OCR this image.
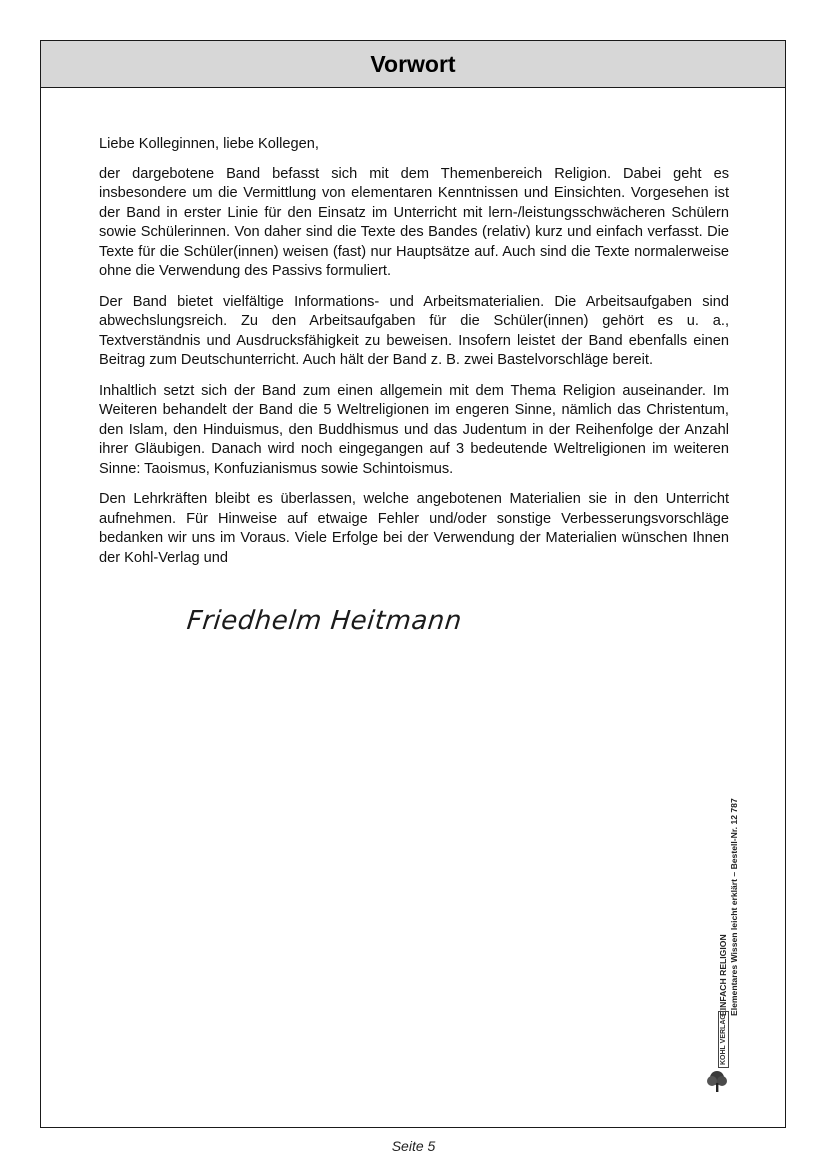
Vorwort

Liebe Kolleginnen, liebe Kollegen,

der dargebotene Band befasst sich mit dem Themenbereich Religion. Dabei geht es insbesondere um die Vermittlung von elementaren Kenntnissen und Einsichten. Vorgesehen ist der Band in erster Linie für den Einsatz im Unterricht mit lern-/leistungsschwächeren Schülern sowie Schülerinnen. Von daher sind die Texte des Bandes (relativ) kurz und einfach verfasst. Die Texte für die Schüler(innen) weisen (fast) nur Hauptsätze auf. Auch sind die Texte normalerweise ohne die Verwendung des Passivs formuliert.

Der Band bietet vielfältige Informations- und Arbeitsmaterialien. Die Arbeitsaufgaben sind abwechslungsreich. Zu den Arbeitsaufgaben für die Schüler(innen) gehört es u. a., Textverständnis und Ausdrucksfähigkeit zu beweisen. Insofern leistet der Band ebenfalls einen Beitrag zum Deutschunterricht. Auch hält der Band z. B. zwei Bastelvorschläge bereit.

Inhaltlich setzt sich der Band zum einen allgemein mit dem Thema Religion auseinander. Im Weiteren behandelt der Band die 5 Weltreligionen im engeren Sinne, nämlich das Christentum, den Islam, den Hinduismus, den Buddhismus und das Judentum in der Reihenfolge der Anzahl ihrer Gläubigen. Danach wird noch eingegangen auf 3 bedeutende Weltreligionen im weiteren Sinne: Taoismus, Konfuzianismus sowie Schintoismus.

Den Lehrkräften bleibt es überlassen, welche angebotenen Materialien sie in den Unterricht aufnehmen. Für Hinweise auf etwaige Fehler und/oder sonstige Verbesserungsvorschläge bedanken wir uns im Voraus. Viele Erfolge bei der Verwendung der Materialien wünschen Ihnen der Kohl-Verlag und

Friedhelm Heitmann
EINFACH RELIGION Elementares Wissen leicht erklärt – Bestell-Nr. 12 787
KOHL VERLAG
Seite 5
